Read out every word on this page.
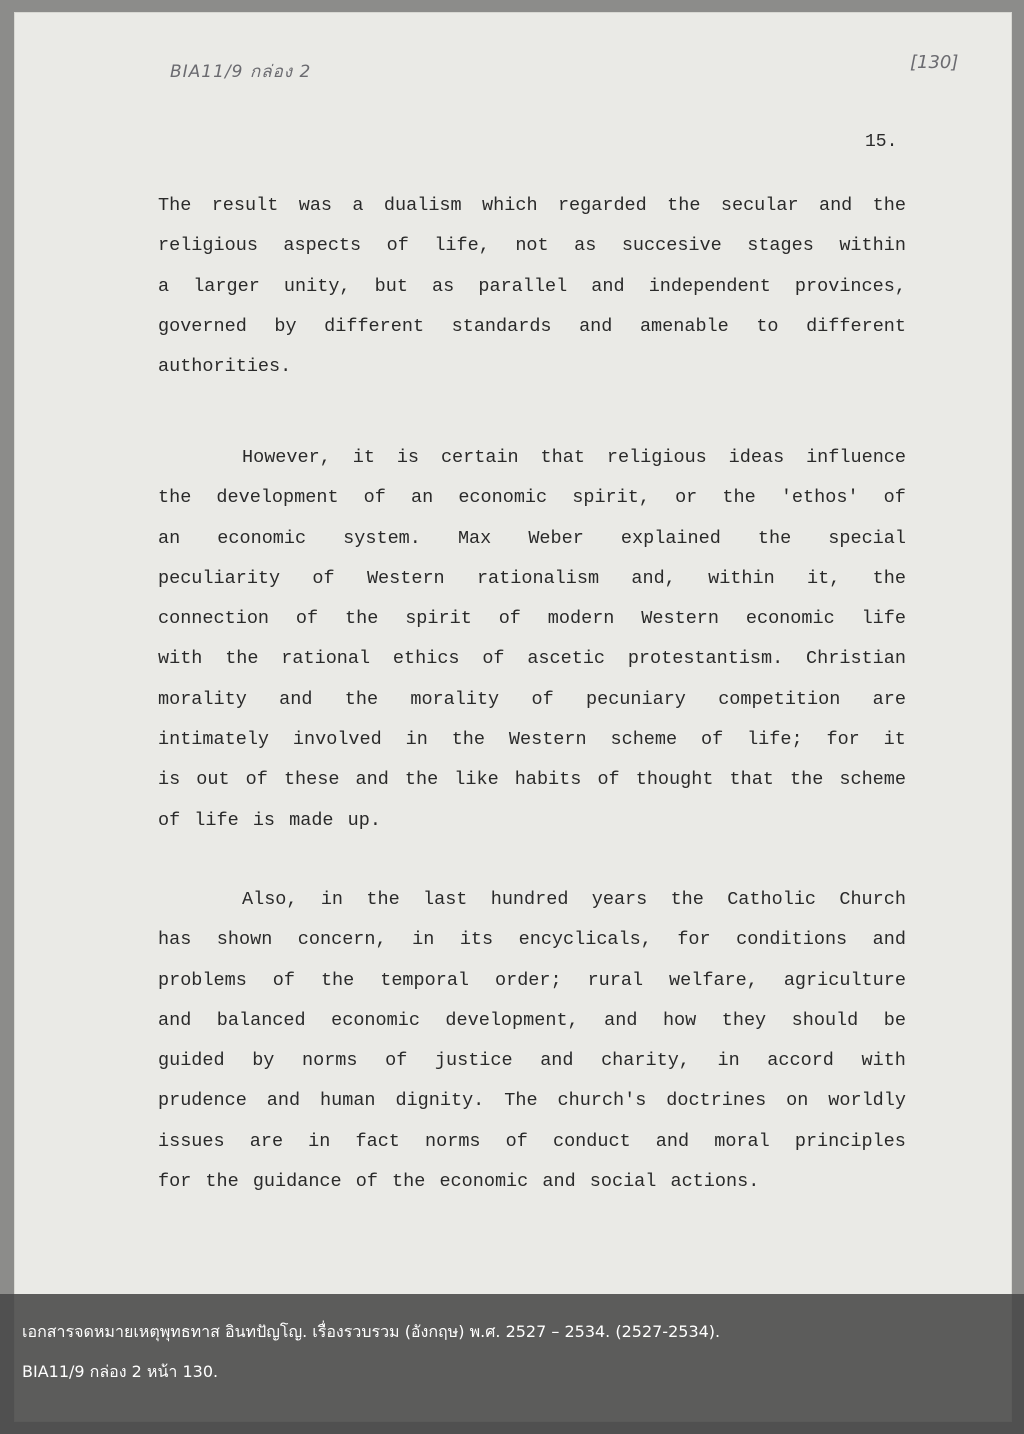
BIA11/9 กล่อง 2	[130]
15.
The result was a dualism which regarded the secular and the
religious aspects of life, not as succesive stages within
a larger unity, but as parallel and independent provinces,
governed by different standards and amenable to different
authorities.
However, it is certain that religious ideas influence
the development of an economic spirit, or the 'ethos' of
an economic system. Max Weber explained the special
peculiarity of Western rationalism and, within it, the
connection of the spirit of modern Western economic life
with the rational ethics of ascetic protestantism. Christian
morality and the morality of pecuniary competition are
intimately involved in the Western scheme of life; for it
is out of these and the like habits of thought that the scheme
of life is made up.
Also, in the last hundred years the Catholic Church
has shown concern, in its encyclicals, for conditions and
problems of the temporal order; rural welfare, agriculture
and balanced economic development, and how they should be
guided by norms of justice and charity, in accord with
prudence and human dignity. The church's doctrines on worldly
issues are in fact norms of conduct and moral principles
for the guidance of the economic and social actions.
เอกสารจดหมายเหตุพุทธทาส อินทปัญโญ. เรื่องรวบรวม (อังกฤษ) พ.ศ. 2527 – 2534. (2527-2534).
BIA11/9 กล่อง 2 หน้า 130.
